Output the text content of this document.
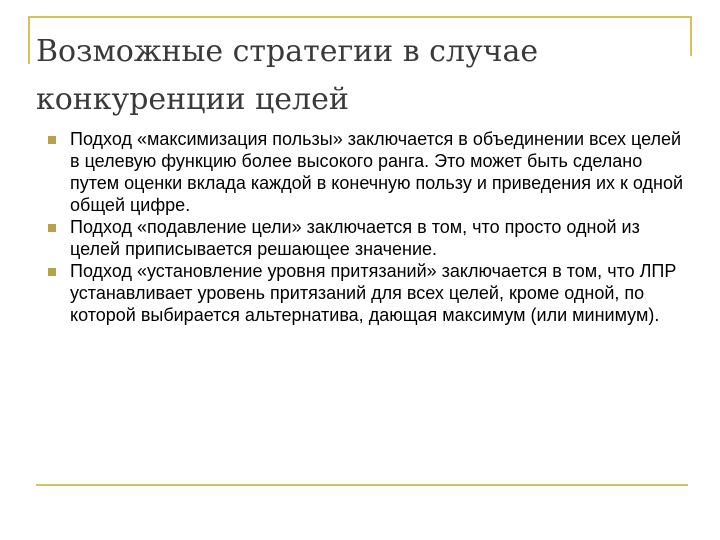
Возможные стратегии в случае конкуренции целей
Подход «максимизация пользы» заключается в объединении всех целей в целевую функцию более высокого ранга. Это может быть сделано путем оценки вклада каждой в конечную пользу и приведения их к одной общей цифре.
Подход «подавление цели» заключается в том, что просто одной из целей приписывается решающее значение.
Подход «установление уровня притязаний» заключается в том, что ЛПР устанавливает уровень притязаний для всех целей, кроме одной, по которой выбирается альтернатива, дающая максимум (или минимум).
